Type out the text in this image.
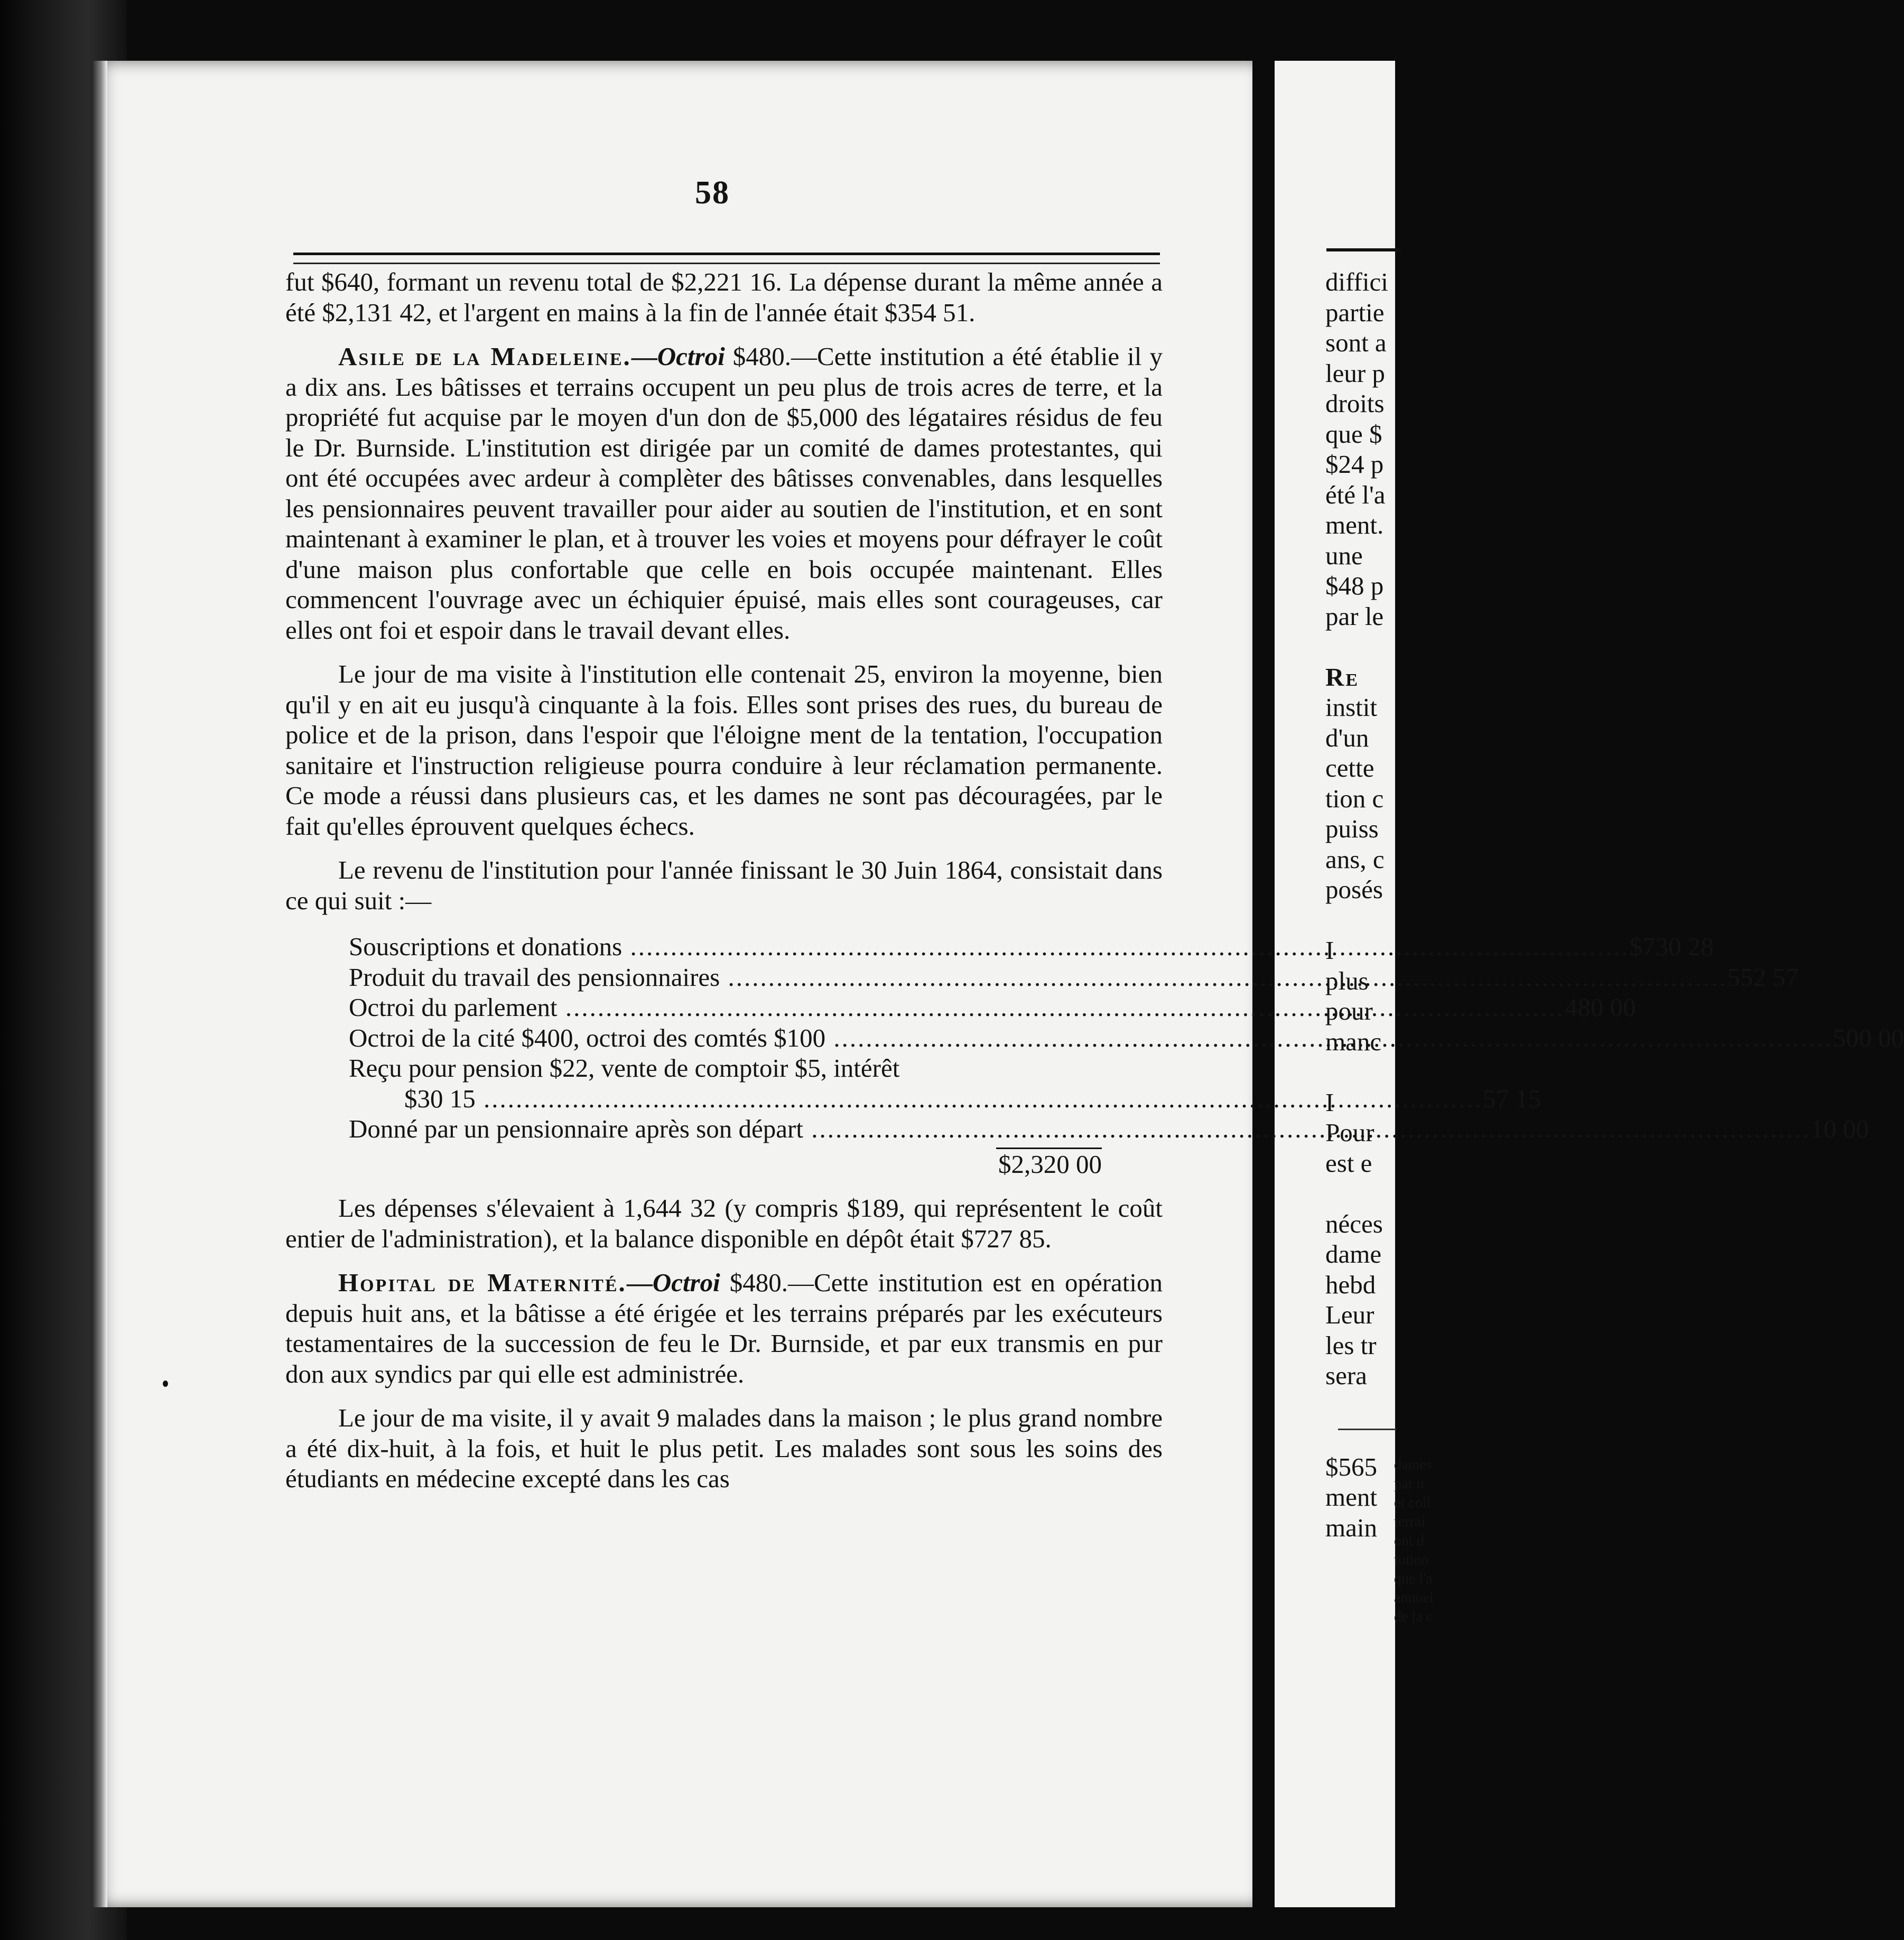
58

fut $640, formant un revenu total de $2,221 16. La dépense durant la même année a été $2,131 42, et l'argent en mains à la fin de l'année était $354 51.

Asile de la Madeleine.—Octroi $480.—Cette institution a été établie il y a dix ans. Les bâtisses et terrains occupent un peu plus de trois acres de terre, et la propriété fut acquise par le moyen d'un don de $5,000 des légataires résidus de feu le Dr. Burnside. L'institution est dirigée par un comité de dames protestantes, qui ont été occupées avec ardeur à complèter des bâtisses convenables, dans lesquelles les pensionnaires peuvent travailler pour aider au soutien de l'institution, et en sont maintenant à examiner le plan, et à trouver les voies et moyens pour défrayer le coût d'une maison plus confortable que celle en bois occupée maintenant. Elles commencent l'ouvrage avec un échiquier épuisé, mais elles sont courageuses, car elles ont foi et espoir dans le travail devant elles.

Le jour de ma visite à l'institution elle contenait 25, environ la moyenne, bien qu'il y en ait eu jusqu'à cinquante à la fois. Elles sont prises des rues, du bureau de police et de la prison, dans l'espoir que l'éloigne ment de la tentation, l'occupation sanitaire et l'instruction religieuse pourra conduire à leur réclamation permanente. Ce mode a réussi dans plusieurs cas, et les dames ne sont pas découragées, par le fait qu'elles éprouvent quelques échecs.

Le revenu de l'institution pour l'année finissant le 30 Juin 1864, consistait dans ce qui suit :—

Souscriptions et donations .....	$730 28
Produit du travail des pensionnaires .....	552 57
Octroi du parlement .....	480 00
Octroi de la cité $400, octroi des comtés $100 .....	500 00
Reçu pour pension $22, vente de comptoir $5, intérêt
$30 15 .....	57 15
Donné par un pensionnaire après son départ .....	10 00
$2,320 00

Les dépenses s'élevaient à 1,644 32 (y compris $189, qui représentent le coût entier de l'administration), et la balance disponible en dépôt était $727 85.

Hopital de Maternité.—Octroi $480.—Cette institution est en opération depuis huit ans, et la bâtisse a été érigée et les terrains préparés par les exécuteurs testamentaires de la succession de feu le Dr. Burnside, et par eux transmis en pur don aux syndics par qui elle est administrée.

Le jour de ma visite, il y avait 9 malades dans la maison ; le plus grand nombre a été dix-huit, à la fois, et huit le plus petit. Les malades sont sous les soins des étudiants en médecine excepté dans les cas

diffici
partie
sont a
leur p
droits
que $
$24 p
été l'a
ment.
une
$48 p
par le
Re
instit
d'un
cette
tion c
puiss
ans, c
posés
I
plus
pour
manc
I
Pour
est e
néces
dame
hebd
Leur
les tr
sera
$565
ment
main
dames
par u
et coll
terrai
ont d
tution
que l'a
annuel
de la c
